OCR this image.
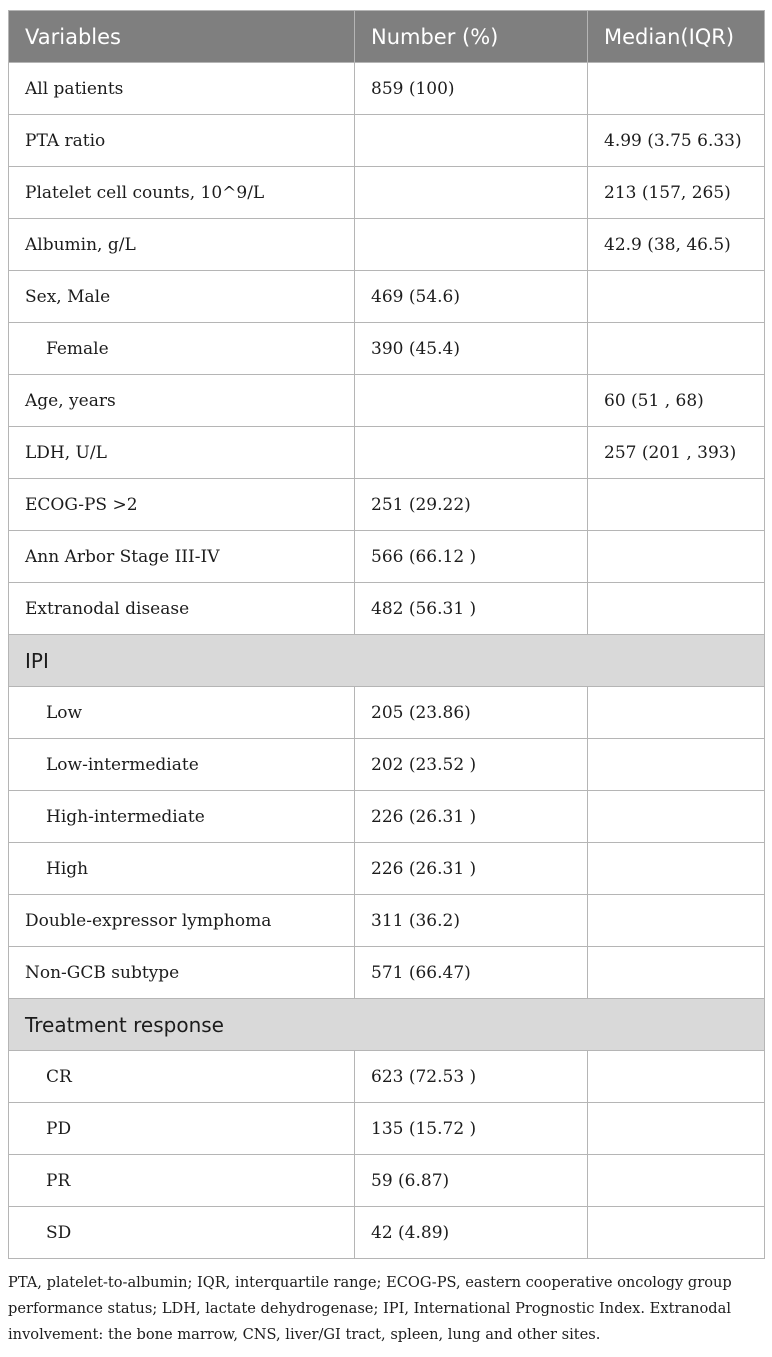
Variables	Number (%)	Median(IQR)
All patients	859 (100)	
PTA ratio		4.99 (3.75 6.33)
Platelet cell counts, 10^9/L		213 (157, 265)
Albumin, g/L		42.9 (38, 46.5)
Sex, Male	469 (54.6)	
Female	390 (45.4)	
Age, years		60 (51 , 68)
LDH, U/L		257 (201 , 393)
ECOG-PS >2	251 (29.22)	
Ann Arbor Stage III-IV	566 (66.12 )	
Extranodal disease	482 (56.31 )	
IPI		
Low	205 (23.86)	
Low-intermediate	202 (23.52 )	
High-intermediate	226 (26.31 )	
High	226 (26.31 )	
Double-expressor lymphoma	311 (36.2)	
Non-GCB subtype	571 (66.47)	
Treatment response		
CR	623 (72.53 )	
PD	135 (15.72 )	
PR	59 (6.87)	
SD	42 (4.89)	
PTA, platelet-to-albumin; IQR, interquartile range; ECOG-PS, eastern cooperative oncology group performance status; LDH, lactate dehydrogenase; IPI, International Prognostic Index. Extranodal involvement: the bone marrow, CNS, liver/GI tract, spleen, lung and other sites.
